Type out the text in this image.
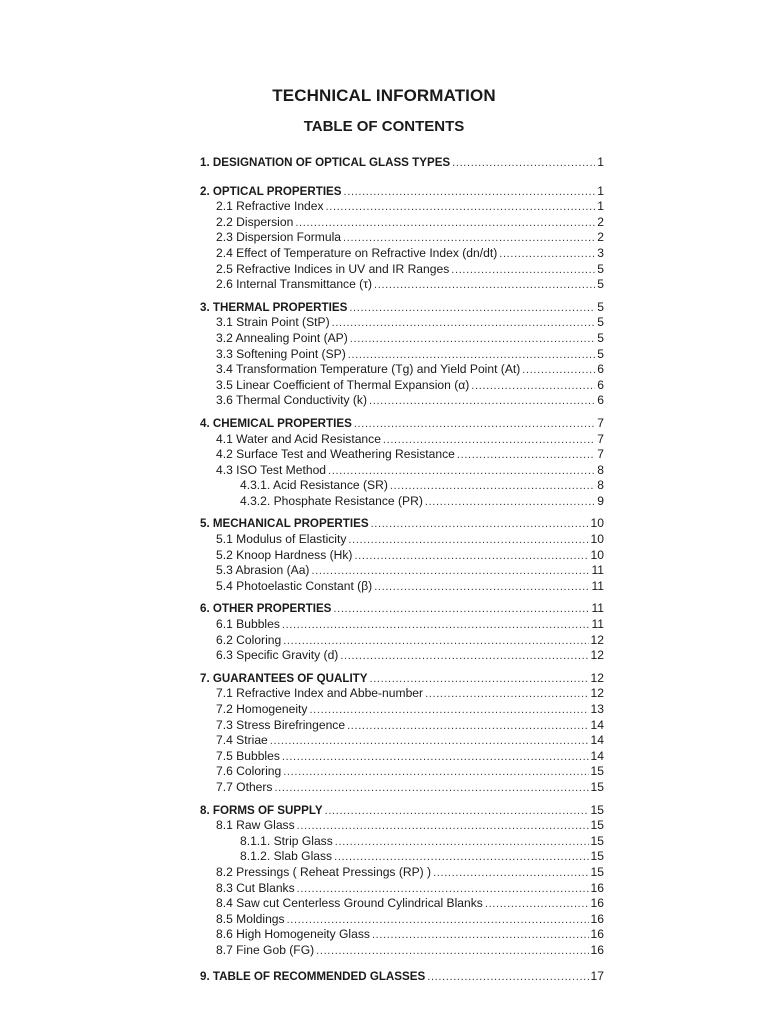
TECHNICAL INFORMATION
TABLE OF CONTENTS
1. DESIGNATION OF OPTICAL GLASS TYPES . . .	1
2. OPTICAL PROPERTIES . . .	1
2.1 Refractive Index . . .	1
2.2 Dispersion . . .	2
2.3 Dispersion Formula . . .	2
2.4 Effect of Temperature on Refractive Index (dn/dt) . . .	3
2.5 Refractive Indices in UV and IR Ranges . . .	5
2.6 Internal Transmittance (τ) . . .	5
3. THERMAL PROPERTIES . . .	5
3.1 Strain Point (StP) . . .	5
3.2 Annealing Point (AP) . . .	5
3.3 Softening Point (SP) . . .	5
3.4 Transformation Temperature (Tg) and Yield Point (At) . . .	6
3.5 Linear Coefficient of Thermal Expansion (α) . . .	6
3.6 Thermal Conductivity (k) . . .	6
4. CHEMICAL PROPERTIES . . .	7
4.1 Water and Acid Resistance . . .	7
4.2 Surface Test and Weathering Resistance . . .	7
4.3 ISO Test Method . . .	8
4.3.1. Acid Resistance (SR) . . .	8
4.3.2. Phosphate Resistance (PR) . . .	9
5. MECHANICAL PROPERTIES . . .	10
5.1 Modulus of Elasticity . . .	10
5.2 Knoop Hardness (Hk) . . .	10
5.3 Abrasion (Aa) . . .	11
5.4 Photoelastic Constant (β) . . .	11
6. OTHER PROPERTIES . . .	11
6.1 Bubbles . . .	11
6.2 Coloring . . .	12
6.3 Specific Gravity (d) . . .	12
7. GUARANTEES OF QUALITY . . .	12
7.1 Refractive Index and Abbe-number . . .	12
7.2 Homogeneity . . .	13
7.3 Stress Birefringence . . .	14
7.4 Striae . . .	14
7.5 Bubbles . . .	14
7.6 Coloring . . .	15
7.7 Others . . .	15
8. FORMS OF SUPPLY . . .	15
8.1 Raw Glass . . .	15
8.1.1. Strip Glass . . .	15
8.1.2. Slab Glass . . .	15
8.2 Pressings ( Reheat Pressings (RP) ) . . .	15
8.3 Cut Blanks . . .	16
8.4 Saw cut Centerless Ground Cylindrical Blanks . . .	16
8.5 Moldings . . .	16
8.6 High Homogeneity Glass . . .	16
8.7 Fine Gob (FG) . . .	16
9. TABLE OF RECOMMENDED GLASSES . . .	17
